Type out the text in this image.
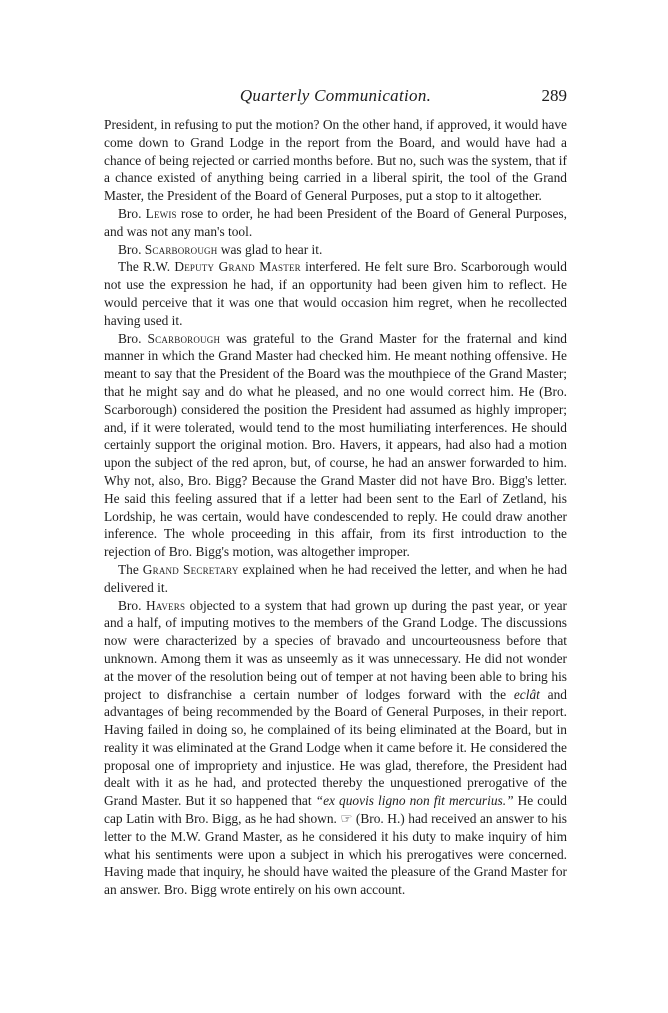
Quarterly Communication.	289

President, in refusing to put the motion? On the other hand, if approved, it would have come down to Grand Lodge in the report from the Board, and would have had a chance of being rejected or carried months before. But no, such was the system, that if a chance existed of anything being carried in a liberal spirit, the tool of the Grand Master, the President of the Board of General Purposes, put a stop to it altogether.

Bro. Lewis rose to order, he had been President of the Board of General Purposes, and was not any man's tool.

Bro. Scarborough was glad to hear it.

The R.W. Deputy Grand Master interfered. He felt sure Bro. Scarborough would not use the expression he had, if an opportunity had been given him to reflect. He would perceive that it was one that would occasion him regret, when he recollected having used it.

Bro. Scarborough was grateful to the Grand Master for the fraternal and kind manner in which the Grand Master had checked him. He meant nothing offensive. He meant to say that the President of the Board was the mouthpiece of the Grand Master; that he might say and do what he pleased, and no one would correct him. He (Bro. Scarborough) considered the position the President had assumed as highly improper; and, if it were tolerated, would tend to the most humiliating interferences. He should certainly support the original motion. Bro. Havers, it appears, had also had a motion upon the subject of the red apron, but, of course, he had an answer forwarded to him. Why not, also, Bro. Bigg? Because the Grand Master did not have Bro. Bigg's letter. He said this feeling assured that if a letter had been sent to the Earl of Zetland, his Lordship, he was certain, would have condescended to reply. He could draw another inference. The whole proceeding in this affair, from its first introduction to the rejection of Bro. Bigg's motion, was altogether improper.

The Grand Secretary explained when he had received the letter, and when he had delivered it.

Bro. Havers objected to a system that had grown up during the past year, or year and a half, of imputing motives to the members of the Grand Lodge. The discussions now were characterized by a species of bravado and uncourteousness before that unknown. Among them it was as unseemly as it was unnecessary. He did not wonder at the mover of the resolution being out of temper at not having been able to bring his project to disfranchise a certain number of lodges forward with the eclât and advantages of being recommended by the Board of General Purposes, in their report. Having failed in doing so, he complained of its being eliminated at the Board, but in reality it was eliminated at the Grand Lodge when it came before it. He considered the proposal one of impropriety and injustice. He was glad, therefore, the President had dealt with it as he had, and protected thereby the unquestioned prerogative of the Grand Master. But it so happened that “ex quovis ligno non fit mercurius.” He could cap Latin with Bro. Bigg, as he had shown. ☞ (Bro. H.) had received an answer to his letter to the M.W. Grand Master, as he considered it his duty to make inquiry of him what his sentiments were upon a subject in which his prerogatives were concerned. Having made that inquiry, he should have waited the pleasure of the Grand Master for an answer. Bro. Bigg wrote entirely on his own account.
